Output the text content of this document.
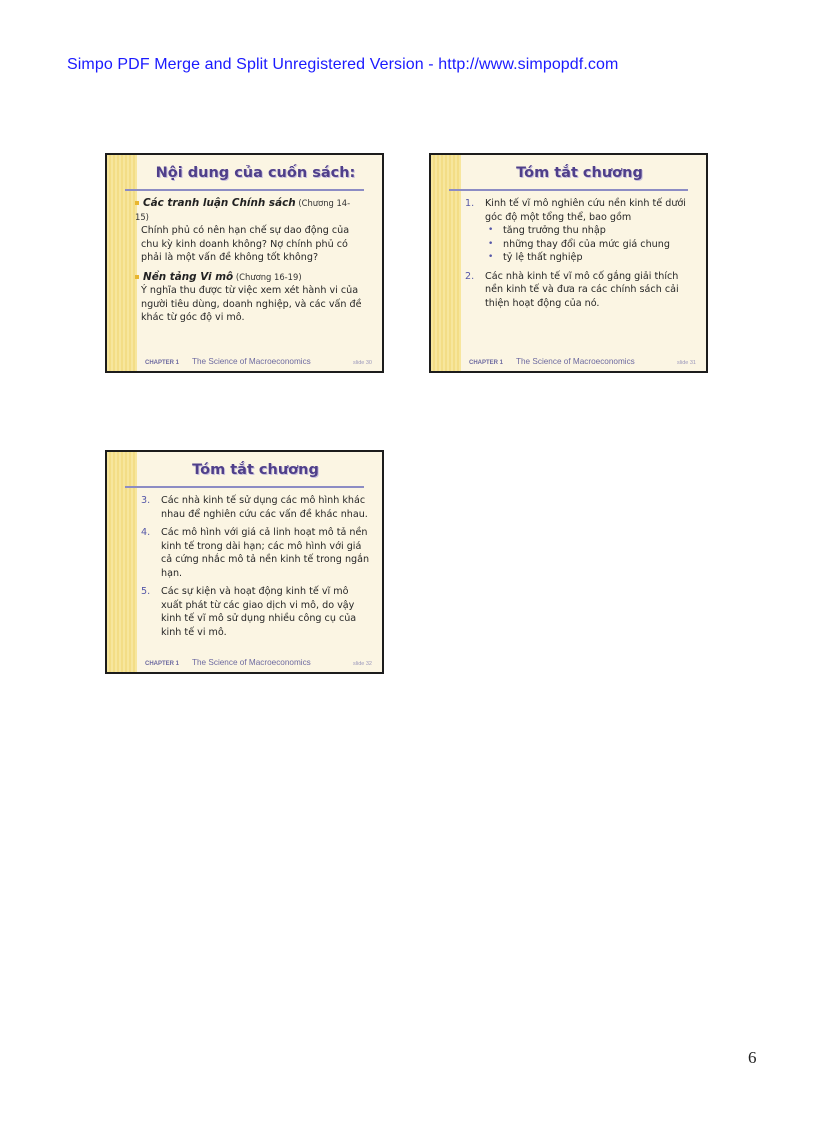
Simpo PDF Merge and Split Unregistered Version - http://www.simpopdf.com
Nội dung của cuốn sách:
Các tranh luận Chính sách (Chương 14-15)
Chính phủ có nên hạn chế sự dao động của chu kỳ kinh doanh không? Nợ chính phủ có phải là một vấn đề không tốt không?
Nền tảng Vi mô (Chương 16-19)
Ý nghĩa thu được từ việc xem xét hành vi của người tiêu dùng, doanh nghiệp, và các vấn đề khác từ góc độ vi mô.
CHAPTER 1 The Science of Macroeconomics	slide 30
Tóm tắt chương
1. Kinh tế vĩ mô nghiên cứu nền kinh tế dưới góc độ một tổng thể, bao gồm
• tăng trưởng thu nhập
• những thay đổi của mức giá chung
• tỷ lệ thất nghiệp
2. Các nhà kinh tế vĩ mô cố gắng giải thích nền kinh tế và đưa ra các chính sách cải thiện hoạt động của nó.
CHAPTER 1 The Science of Macroeconomics	slide 31
Tóm tắt chương
3. Các nhà kinh tế sử dụng các mô hình khác nhau để nghiên cứu các vấn đề khác nhau.
4. Các mô hình với giá cả linh hoạt mô tả nền kinh tế trong dài hạn; các mô hình với giá cả cứng nhắc mô tả nền kinh tế trong ngắn hạn.
5. Các sự kiện và hoạt động kinh tế vĩ mô xuất phát từ các giao dịch vi mô, do vậy kinh tế vĩ mô sử dụng nhiều công cụ của kinh tế vi mô.
CHAPTER 1 The Science of Macroeconomics	slide 32
6
